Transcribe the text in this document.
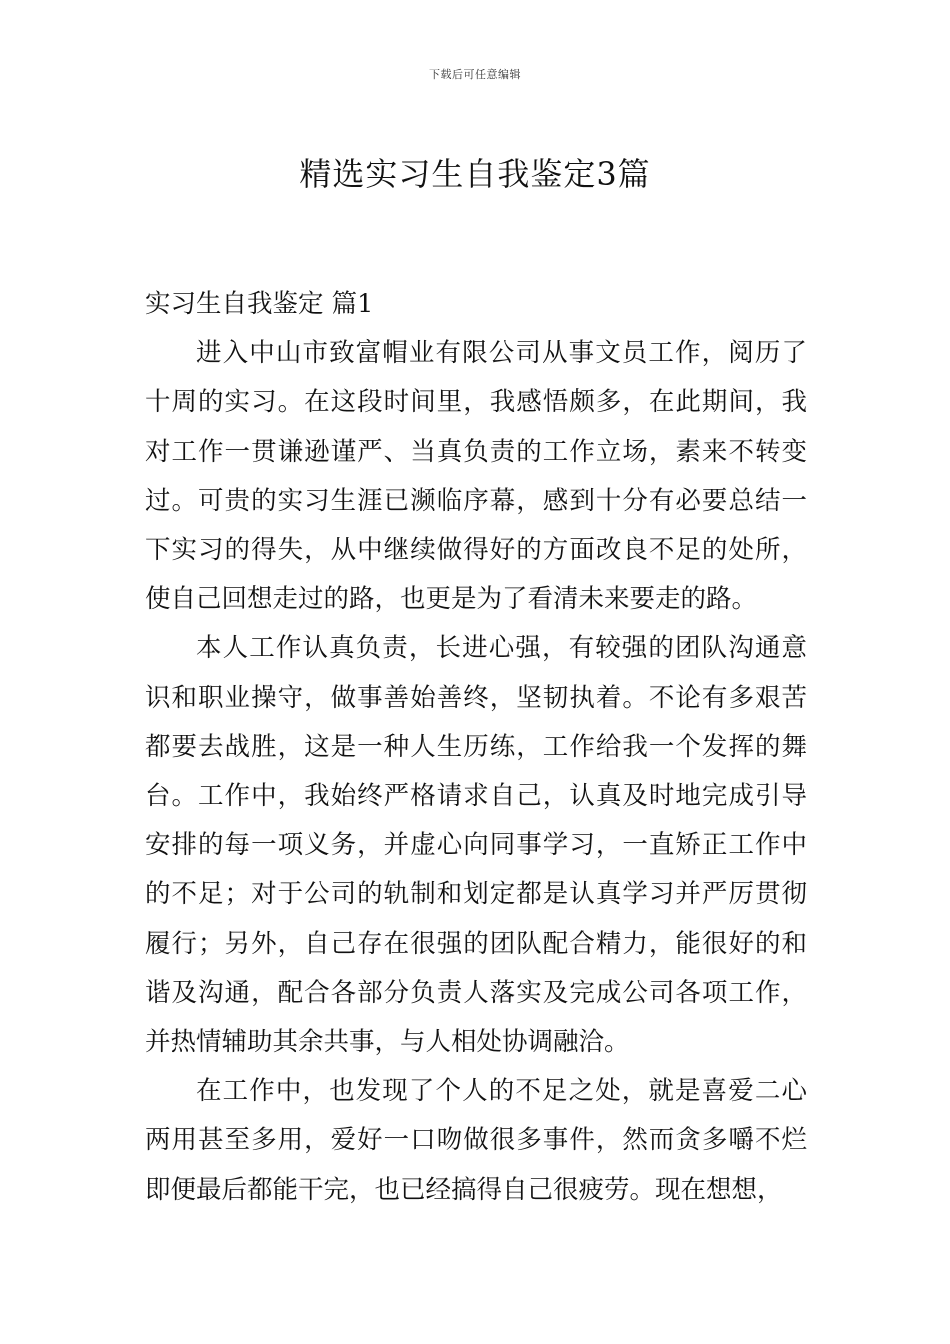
下载后可任意编辑
精选实习生自我鉴定3篇

实习生自我鉴定 篇1

进入中山市致富帽业有限公司从事文员工作，阅历了十周的实习。在这段时间里，我感悟颇多，在此期间，我对工作一贯谦逊谨严、当真负责的工作立场，素来不转变过。可贵的实习生涯已濒临序幕，感到十分有必要总结一下实习的得失，从中继续做得好的方面改良不足的处所，使自己回想走过的路，也更是为了看清未来要走的路。

本人工作认真负责，长进心强，有较强的团队沟通意识和职业操守，做事善始善终，坚韧执着。不论有多艰苦都要去战胜，这是一种人生历练，工作给我一个发挥的舞台。工作中，我始终严格请求自己，认真及时地完成引导安排的每一项义务，并虚心向同事学习，一直矫正工作中的不足；对于公司的轨制和划定都是认真学习并严厉贯彻履行；另外，自己存在很强的团队配合精力，能很好的和谐及沟通，配合各部分负责人落实及完成公司各项工作，并热情辅助其余共事，与人相处协调融洽。

在工作中，也发现了个人的不足之处，就是喜爱二心两用甚至多用，爱好一口吻做很多事件，然而贪多嚼不烂即便最后都能干完，也已经搞得自己很疲劳。现在想想，
